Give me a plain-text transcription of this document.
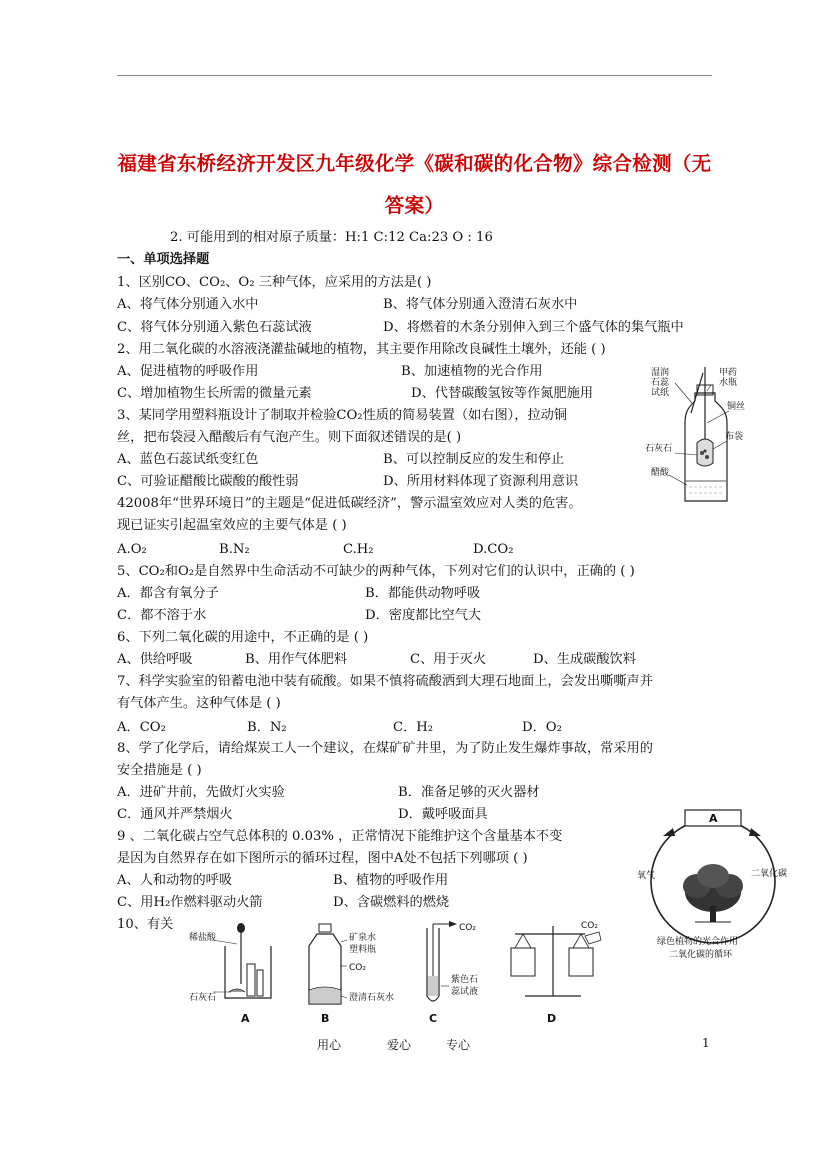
福建省东桥经济开发区九年级化学《碳和碳的化合物》综合检测（无
答案）
2. 可能用到的相对原子质量：H:1 C:12 Ca:23 O : 16
一、单项选择题
1、区别CO、CO₂、O₂ 三种气体，应采用的方法是( )
A、将气体分别通入水中	B、将气体分别通入澄清石灰水中
C、将气体分别通入紫色石蕊试液	D、将燃着的木条分别伸入到三个盛气体的集气瓶中
2、用二氧化碳的水溶液浇灌盐碱地的植物，其主要作用除改良碱性土壤外，还能 ( )
A、促进植物的呼吸作用	B、加速植物的光合作用
C、增加植物生长所需的微量元素	D、代替碳酸氢铵等作氮肥施用
3、某同学用塑料瓶设计了制取并检验CO₂性质的简易装置（如右图），拉动铜
丝，把布袋浸入醋酸后有气泡产生。则下面叙述错误的是( )
A、蓝色石蕊试纸变红色	B、可以控制反应的发生和停止
C、可验证醋酸比碳酸的酸性弱	D、所用材料体现了资源利用意识
42008年“世界环境日”的主题是“促进低碳经济”，警示温室效应对人类的危害。
现已证实引起温室效应的主要气体是 ( )
A.O₂	B.N₂	C.H₂	D.CO₂
5、CO₂和O₂是自然界中生命活动不可缺少的两种气体，下列对它们的认识中，正确的 ( )
A．都含有氧分子	B．都能供动物呼吸
C．都不溶于水	D．密度都比空气大
6、下列二氧化碳的用途中，不正确的是 ( )
A、供给呼吸	B、用作气体肥料	C、用于灭火	D、生成碳酸饮料
7、科学实验室的铅蓄电池中装有硫酸。如果不慎将硫酸洒到大理石地面上，会发出嘶嘶声并
有气体产生。这种气体是 ( )
A．CO₂	B．N₂	C．H₂	D．O₂
8、学了化学后，请给煤炭工人一个建议，在煤矿矿井里，为了防止发生爆炸事故，常采用的
安全措施是 ( )
A．进矿井前，先做灯火实验	B．准备足够的灭火器材
C．通风并严禁烟火	D．戴呼吸面具
9 、二氧化碳占空气总体积的 0.03% ，正常情况下能维护这个含量基本不变
是因为自然界存在如下图所示的循环过程，图中A处不包括下列哪项 ( )
A、人和动物的呼吸	B、植物的呼吸作用
C、用H₂作燃料驱动火箭	D、含碳燃料的燃烧
10、有关
湿润
石蕊
试纸
甲药
水瓶
铜丝
布袋
石灰石
醋酸
A
氧气	二氧化碳
绿色植物的光合作用
二氧化碳的循环
稀盐酸
石灰石
A
矿泉水
塑料瓶
CO₂
澄清石灰水
B
CO₂
紫色石
蕊试液
C
CO₂
D
用心	爱心	专心	1
